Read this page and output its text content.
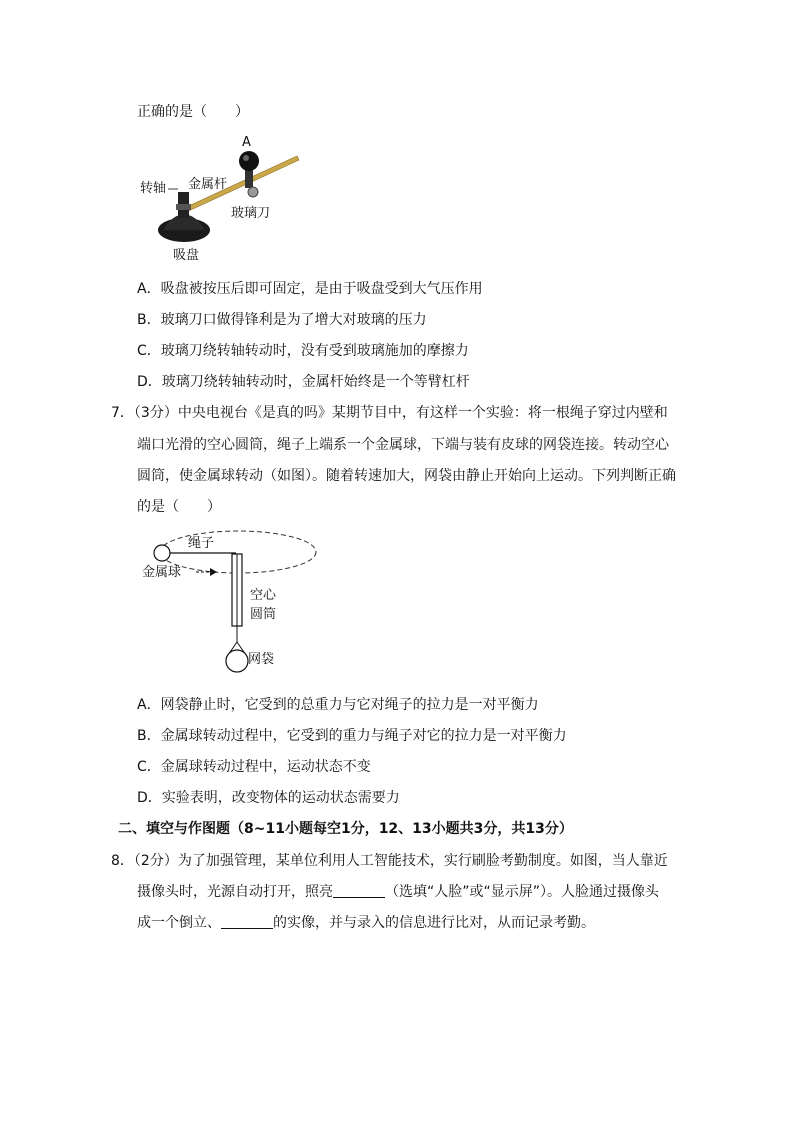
正确的是（　　）
A
转轴 金属杆
玻璃刀
吸盘
A．吸盘被按压后即可固定，是由于吸盘受到大气压作用
B．玻璃刀口做得锋利是为了增大对玻璃的压力
C．玻璃刀绕转轴转动时，没有受到玻璃施加的摩擦力
D．玻璃刀绕转轴转动时，金属杆始终是一个等臂杠杆
7．（3分）中央电视台《是真的吗》某期节目中，有这样一个实验：将一根绳子穿过内壁和
端口光滑的空心圆筒，绳子上端系一个金属球，下端与装有皮球的网袋连接。转动空心
圆筒，使金属球转动（如图）。随着转速加大，网袋由静止开始向上运动。下列判断正确
的是（　　）
绳子
金属球
空心
圆筒
网袋
A．网袋静止时，它受到的总重力与它对绳子的拉力是一对平衡力
B．金属球转动过程中，它受到的重力与绳子对它的拉力是一对平衡力
C．金属球转动过程中，运动状态不变
D．实验表明，改变物体的运动状态需要力
二、填空与作图题（8~11小题每空1分，12、13小题共3分，共13分）
8．（2分）为了加强管理，某单位利用人工智能技术，实行刷脸考勤制度。如图，当人靠近
摄像头时，光源自动打开，照亮	（选填“人脸”或“显示屏”）。人脸通过摄像头
成一个倒立、	的实像，并与录入的信息进行比对，从而记录考勤。
